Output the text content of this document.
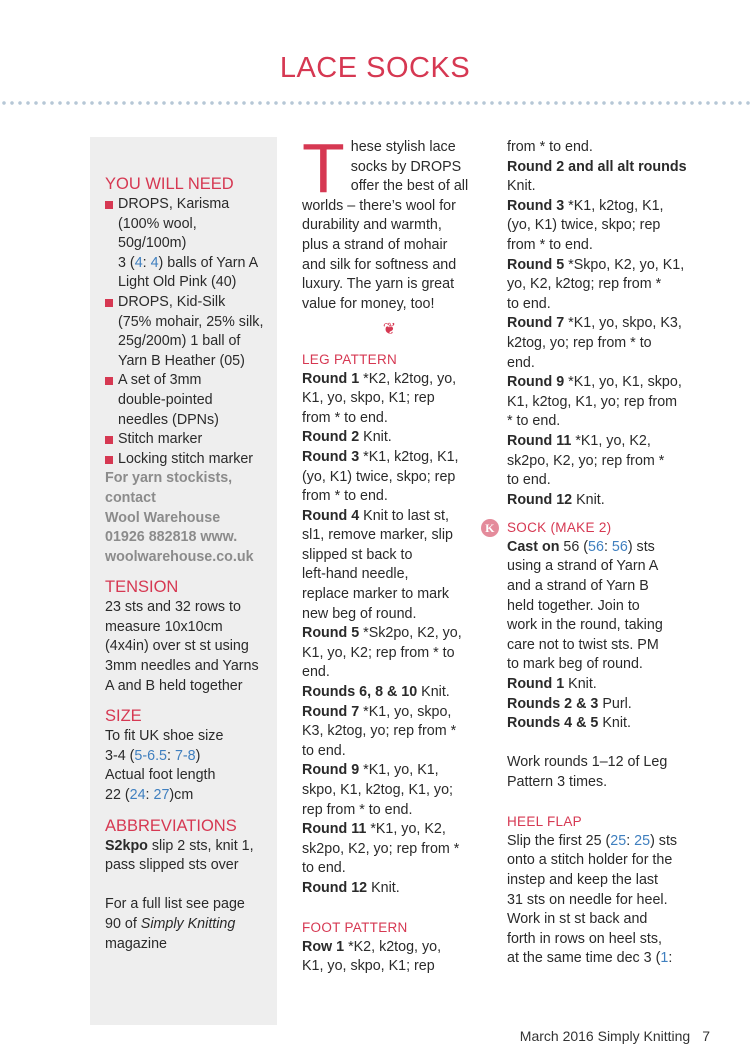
LACE SOCKS
YOU WILL NEED
DROPS, Karisma
(100% wool,
50g/100m)
3 (4: 4) balls of Yarn A
Light Old Pink (40)
DROPS, Kid-Silk
(75% mohair, 25% silk,
25g/200m) 1 ball of
Yarn B Heather (05)
A set of 3mm
double-pointed
needles (DPNs)
Stitch marker
Locking stitch marker
For yarn stockists,
contact
Wool Warehouse
01926 882818 www.
woolwarehouse.co.uk
TENSION
23 sts and 32 rows to
measure 10x10cm
(4x4in) over st st using
3mm needles and Yarns
A and B held together
SIZE
To fit UK shoe size
3-4 (5-6.5: 7-8)
Actual foot length
22 (24: 27)cm
ABBREVIATIONS
S2kpo slip 2 sts, knit 1,
pass slipped sts over
For a full list see page
90 of Simply Knitting
magazine
T hese stylish lace
socks by DROPS
offer the best of all
worlds – there’s wool for
durability and warmth,
plus a strand of mohair
and silk for softness and
luxury. The yarn is great
value for money, too!
❦
LEG PATTERN
Round 1 *K2, k2tog, yo,
K1, yo, skpo, K1; rep
from * to end.
Round 2 Knit.
Round 3 *K1, k2tog, K1,
(yo, K1) twice, skpo; rep
from * to end.
Round 4 Knit to last st,
sl1, remove marker, slip
slipped st back to
left-hand needle,
replace marker to mark
new beg of round.
Round 5 *Sk2po, K2, yo,
K1, yo, K2; rep from * to
end.
Rounds 6, 8 & 10 Knit.
Round 7 *K1, yo, skpo,
K3, k2tog, yo; rep from *
to end.
Round 9 *K1, yo, K1,
skpo, K1, k2tog, K1, yo;
rep from * to end.
Round 11 *K1, yo, K2,
sk2po, K2, yo; rep from *
to end.
Round 12 Knit.
FOOT PATTERN
Row 1 *K2, k2tog, yo,
K1, yo, skpo, K1; rep
from * to end.
Round 2 and all alt rounds
Knit.
Round 3 *K1, k2tog, K1,
(yo, K1) twice, skpo; rep
from * to end.
Round 5 *Skpo, K2, yo, K1,
yo, K2, k2tog; rep from *
to end.
Round 7 *K1, yo, skpo, K3,
k2tog, yo; rep from * to
end.
Round 9 *K1, yo, K1, skpo,
K1, k2tog, K1, yo; rep from
* to end.
Round 11 *K1, yo, K2,
sk2po, K2, yo; rep from *
to end.
Round 12 Knit.
K SOCK (MAKE 2)
Cast on 56 (56: 56) sts
using a strand of Yarn A
and a strand of Yarn B
held together. Join to
work in the round, taking
care not to twist sts. PM
to mark beg of round.
Round 1 Knit.
Rounds 2 & 3 Purl.
Rounds 4 & 5 Knit.
Work rounds 1–12 of Leg
Pattern 3 times.
HEEL FLAP
Slip the first 25 (25: 25) sts
onto a stitch holder for the
instep and keep the last
31 sts on needle for heel.
Work in st st back and
forth in rows on heel sts,
at the same time dec 3 (1:
March 2016 Simply Knitting 7
